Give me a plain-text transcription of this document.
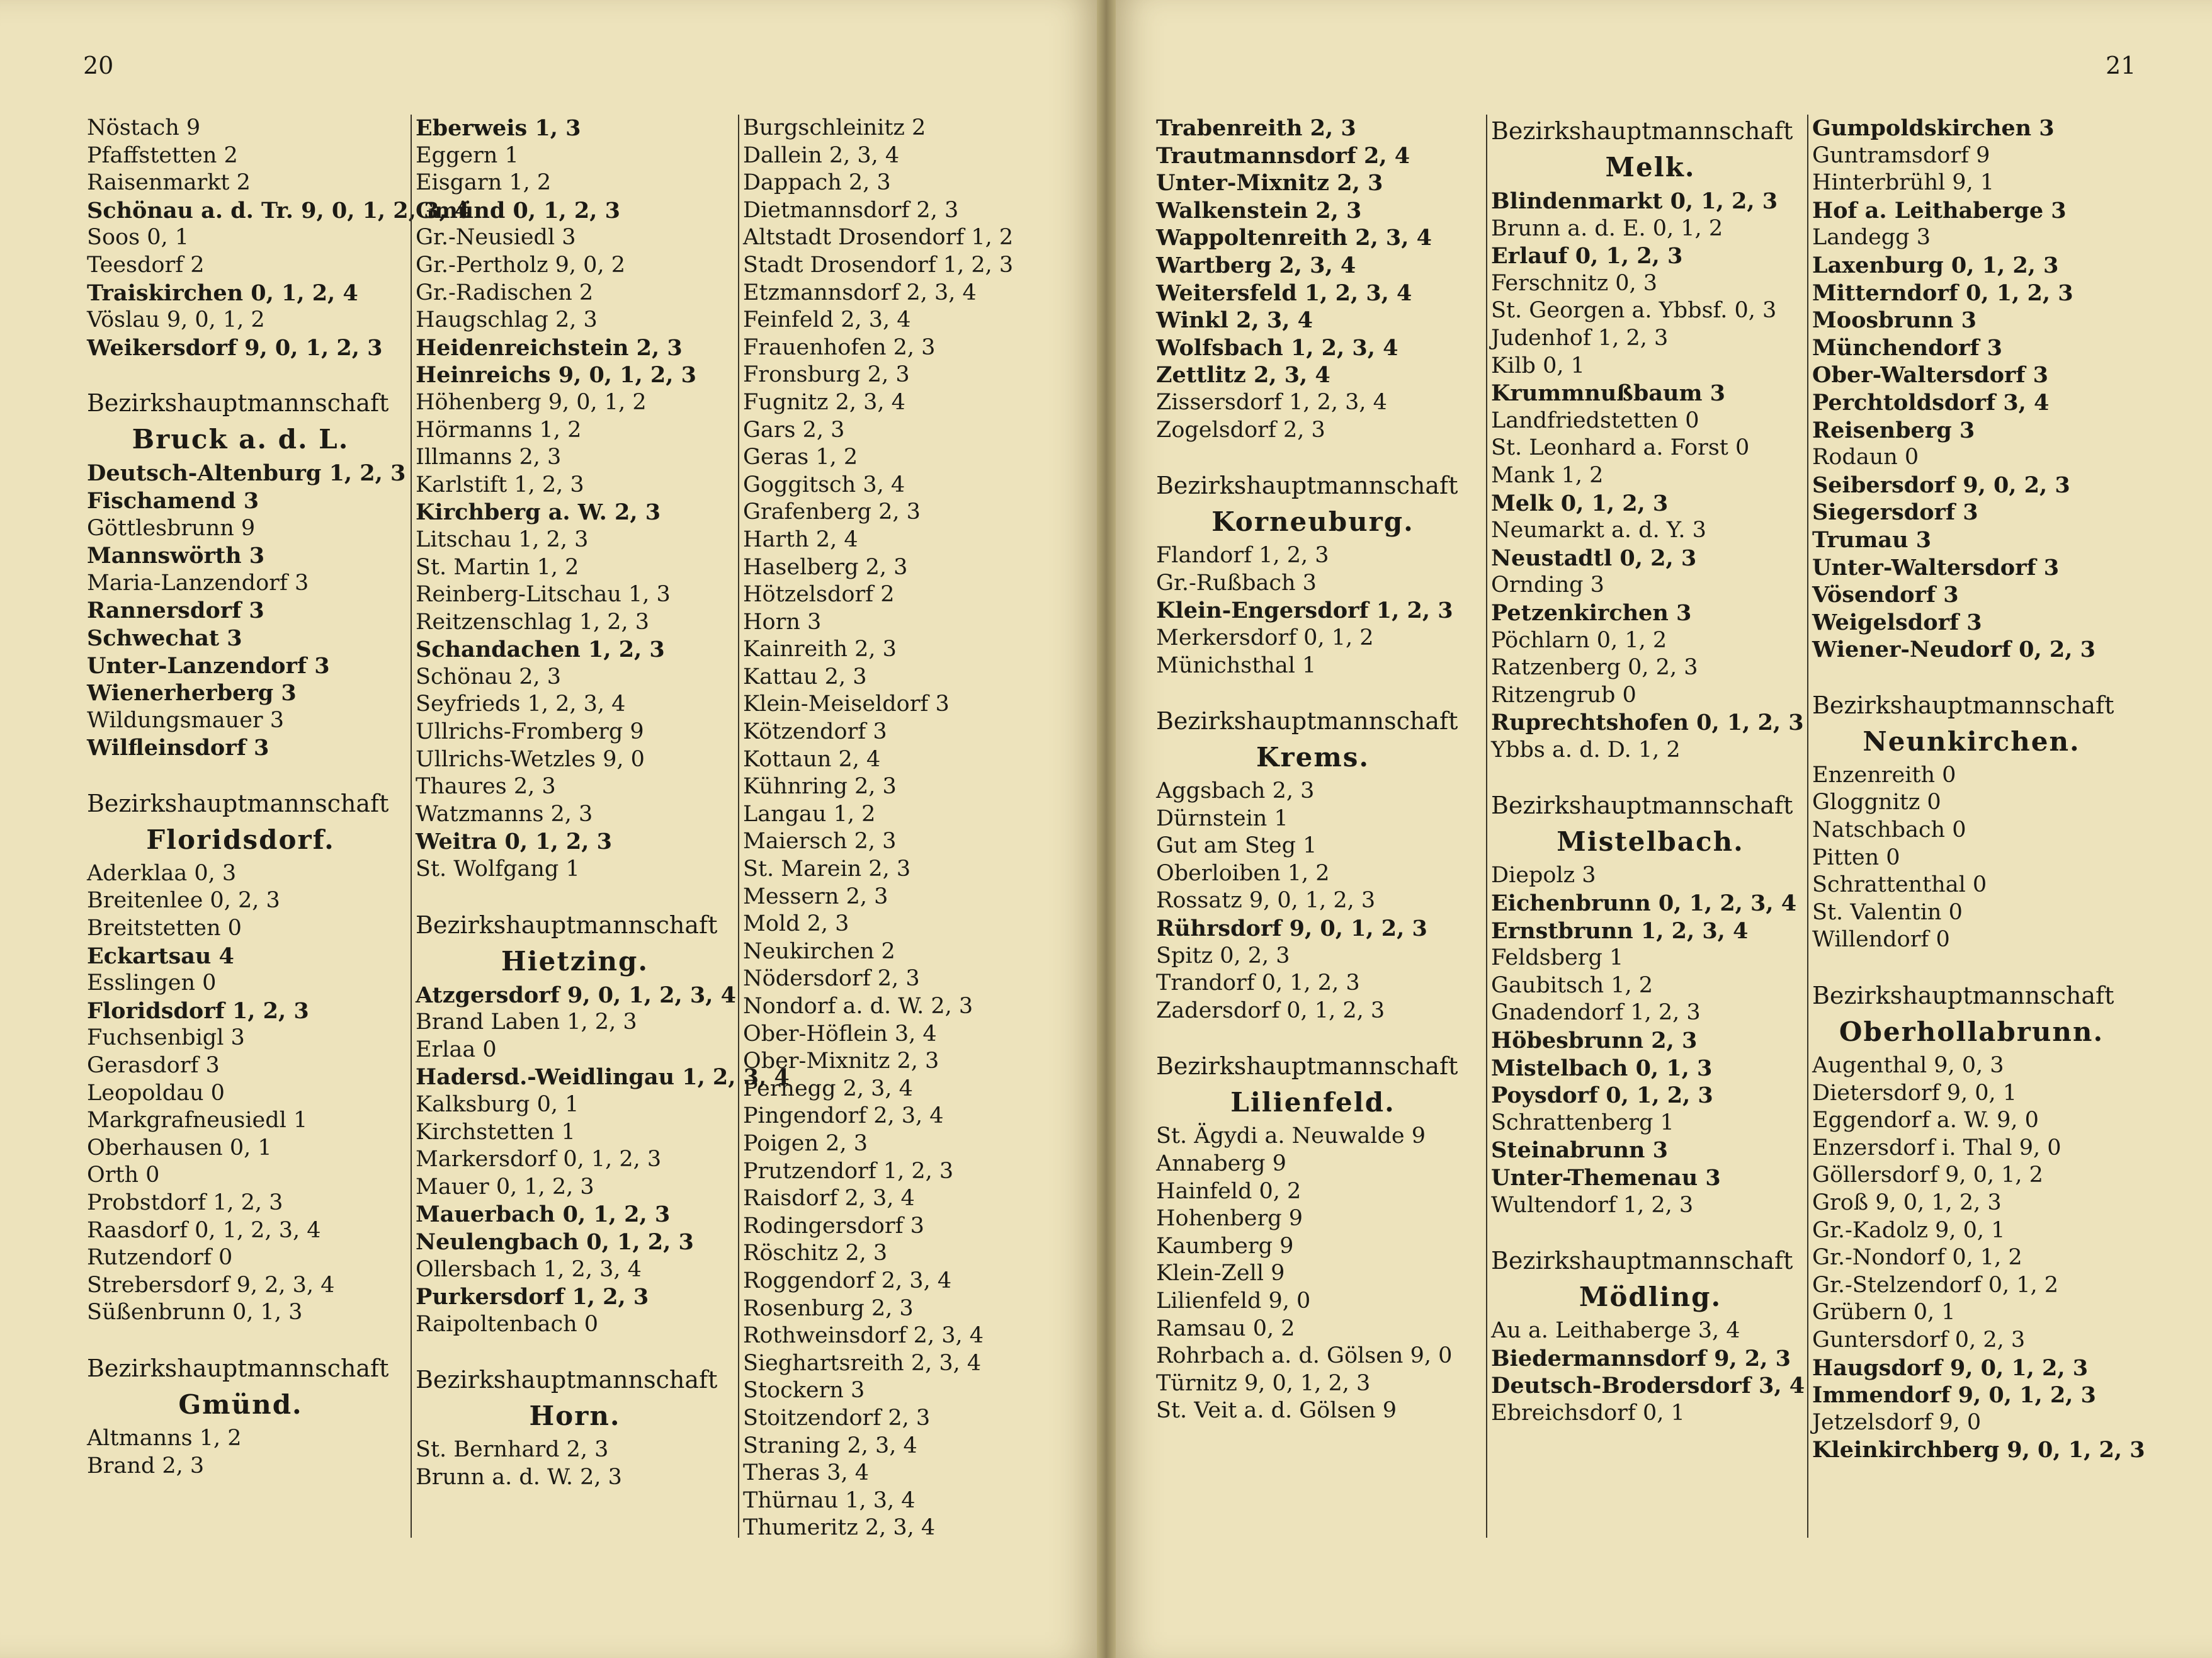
20
Nöstach 9
Pfaffstetten 2
Raisenmarkt 2
Schönau a. d. Tr. 9, 0, 1, 2, 3, 4
Soos 0, 1
Teesdorf 2
Traiskirchen 0, 1, 2, 4
Vöslau 9, 0, 1, 2
Weikersdorf 9, 0, 1, 2, 3
Bezirkshauptmannschaft
Bruck a. d. L.
Deutsch-Altenburg 1, 2, 3
Fischamend 3
Göttlesbrunn 9
Mannswörth 3
Maria-Lanzendorf 3
Rannersdorf 3
Schwechat 3
Unter-Lanzendorf 3
Wienerherberg 3
Wildungsmauer 3
Wilfleinsdorf 3
Bezirkshauptmannschaft
Floridsdorf.
Aderklaa 0, 3
Breitenlee 0, 2, 3
Breitstetten 0
Eckartsau 4
Esslingen 0
Floridsdorf 1, 2, 3
Fuchsenbigl 3
Gerasdorf 3
Leopoldau 0
Markgrafneusiedl 1
Oberhausen 0, 1
Orth 0
Probstdorf 1, 2, 3
Raasdorf 0, 1, 2, 3, 4
Rutzendorf 0
Strebersdorf 9, 2, 3, 4
Süßenbrunn 0, 1, 3
Bezirkshauptmannschaft
Gmünd.
Altmanns 1, 2
Brand 2, 3
Eberweis 1, 3
Eggern 1
Eisgarn 1, 2
Gmünd 0, 1, 2, 3
Gr.-Neusiedl 3
Gr.-Pertholz 9, 0, 2
Gr.-Radischen 2
Haugschlag 2, 3
Heidenreichstein 2, 3
Heinreichs 9, 0, 1, 2, 3
Höhenberg 9, 0, 1, 2
Hörmanns 1, 2
Illmanns 2, 3
Karlstift 1, 2, 3
Kirchberg a. W. 2, 3
Litschau 1, 2, 3
St. Martin 1, 2
Reinberg-Litschau 1, 3
Reitzenschlag 1, 2, 3
Schandachen 1, 2, 3
Schönau 2, 3
Seyfrieds 1, 2, 3, 4
Ullrichs-Fromberg 9
Ullrichs-Wetzles 9, 0
Thaures 2, 3
Watzmanns 2, 3
Weitra 0, 1, 2, 3
St. Wolfgang 1
Bezirkshauptmannschaft
Hietzing.
Atzgersdorf 9, 0, 1, 2, 3, 4
Brand Laben 1, 2, 3
Erlaa 0
Hadersd.-Weidlingau 1, 2, 3, 4
Kalksburg 0, 1
Kirchstetten 1
Markersdorf 0, 1, 2, 3
Mauer 0, 1, 2, 3
Mauerbach 0, 1, 2, 3
Neulengbach 0, 1, 2, 3
Ollersbach 1, 2, 3, 4
Purkersdorf 1, 2, 3
Raipoltenbach 0
Bezirkshauptmannschaft
Horn.
St. Bernhard 2, 3
Brunn a. d. W. 2, 3
Burgschleinitz 2
Dallein 2, 3, 4
Dappach 2, 3
Dietmannsdorf 2, 3
Altstadt Drosendorf 1, 2
Stadt Drosendorf 1, 2, 3
Etzmannsdorf 2, 3, 4
Feinfeld 2, 3, 4
Frauenhofen 2, 3
Fronsburg 2, 3
Fugnitz 2, 3, 4
Gars 2, 3
Geras 1, 2
Goggitsch 3, 4
Grafenberg 2, 3
Harth 2, 4
Haselberg 2, 3
Hötzelsdorf 2
Horn 3
Kainreith 2, 3
Kattau 2, 3
Klein-Meiseldorf 3
Kötzendorf 3
Kottaun 2, 4
Kühnring 2, 3
Langau 1, 2
Maiersch 2, 3
St. Marein 2, 3
Messern 2, 3
Mold 2, 3
Neukirchen 2
Nödersdorf 2, 3
Nondorf a. d. W. 2, 3
Ober-Höflein 3, 4
Ober-Mixnitz 2, 3
Pernegg 2, 3, 4
Pingendorf 2, 3, 4
Poigen 2, 3
Prutzendorf 1, 2, 3
Raisdorf 2, 3, 4
Rodingersdorf 3
Röschitz 2, 3
Roggendorf 2, 3, 4
Rosenburg 2, 3
Rothweinsdorf 2, 3, 4
Sieghartsreith 2, 3, 4
Stockern 3
Stoitzendorf 2, 3
Straning 2, 3, 4
Theras 3, 4
Thürnau 1, 3, 4
Thumeritz 2, 3, 4
21
Trabenreith 2, 3
Trautmannsdorf 2, 4
Unter-Mixnitz 2, 3
Walkenstein 2, 3
Wappoltenreith 2, 3, 4
Wartberg 2, 3, 4
Weitersfeld 1, 2, 3, 4
Winkl 2, 3, 4
Wolfsbach 1, 2, 3, 4
Zettlitz 2, 3, 4
Zissersdorf 1, 2, 3, 4
Zogelsdorf 2, 3
Bezirkshauptmannschaft
Korneuburg.
Flandorf 1, 2, 3
Gr.-Rußbach 3
Klein-Engersdorf 1, 2, 3
Merkersdorf 0, 1, 2
Münichsthal 1
Bezirkshauptmannschaft
Krems.
Aggsbach 2, 3
Dürnstein 1
Gut am Steg 1
Oberloiben 1, 2
Rossatz 9, 0, 1, 2, 3
Rührsdorf 9, 0, 1, 2, 3
Spitz 0, 2, 3
Trandorf 0, 1, 2, 3
Zadersdorf 0, 1, 2, 3
Bezirkshauptmannschaft
Lilienfeld.
St. Ägydi a. Neuwalde 9
Annaberg 9
Hainfeld 0, 2
Hohenberg 9
Kaumberg 9
Klein-Zell 9
Lilienfeld 9, 0
Ramsau 0, 2
Rohrbach a. d. Gölsen 9, 0
Türnitz 9, 0, 1, 2, 3
St. Veit a. d. Gölsen 9
Bezirkshauptmannschaft
Melk.
Blindenmarkt 0, 1, 2, 3
Brunn a. d. E. 0, 1, 2
Erlauf 0, 1, 2, 3
Ferschnitz 0, 3
St. Georgen a. Ybbsf. 0, 3
Judenhof 1, 2, 3
Kilb 0, 1
Krummnußbaum 3
Landfriedstetten 0
St. Leonhard a. Forst 0
Mank 1, 2
Melk 0, 1, 2, 3
Neumarkt a. d. Y. 3
Neustadtl 0, 2, 3
Ornding 3
Petzenkirchen 3
Pöchlarn 0, 1, 2
Ratzenberg 0, 2, 3
Ritzengrub 0
Ruprechtshofen 0, 1, 2, 3
Ybbs a. d. D. 1, 2
Bezirkshauptmannschaft
Mistelbach.
Diepolz 3
Eichenbrunn 0, 1, 2, 3, 4
Ernstbrunn 1, 2, 3, 4
Feldsberg 1
Gaubitsch 1, 2
Gnadendorf 1, 2, 3
Höbesbrunn 2, 3
Mistelbach 0, 1, 3
Poysdorf 0, 1, 2, 3
Schrattenberg 1
Steinabrunn 3
Unter-Themenau 3
Wultendorf 1, 2, 3
Bezirkshauptmannschaft
Mödling.
Au a. Leithaberge 3, 4
Biedermannsdorf 9, 2, 3
Deutsch-Brodersdorf 3, 4
Ebreichsdorf 0, 1
Gumpoldskirchen 3
Guntramsdorf 9
Hinterbrühl 9, 1
Hof a. Leithaberge 3
Landegg 3
Laxenburg 0, 1, 2, 3
Mitterndorf 0, 1, 2, 3
Moosbrunn 3
Münchendorf 3
Ober-Waltersdorf 3
Perchtoldsdorf 3, 4
Reisenberg 3
Rodaun 0
Seibersdorf 9, 0, 2, 3
Siegersdorf 3
Trumau 3
Unter-Waltersdorf 3
Vösendorf 3
Weigelsdorf 3
Wiener-Neudorf 0, 2, 3
Bezirkshauptmannschaft
Neunkirchen.
Enzenreith 0
Gloggnitz 0
Natschbach 0
Pitten 0
Schrattenthal 0
St. Valentin 0
Willendorf 0
Bezirkshauptmannschaft
Oberhollabrunn.
Augenthal 9, 0, 3
Dietersdorf 9, 0, 1
Eggendorf a. W. 9, 0
Enzersdorf i. Thal 9, 0
Göllersdorf 9, 0, 1, 2
Groß 9, 0, 1, 2, 3
Gr.-Kadolz 9, 0, 1
Gr.-Nondorf 0, 1, 2
Gr.-Stelzendorf 0, 1, 2
Grübern 0, 1
Guntersdorf 0, 2, 3
Haugsdorf 9, 0, 1, 2, 3
Immendorf 9, 0, 1, 2, 3
Jetzelsdorf 9, 0
Kleinkirchberg 9, 0, 1, 2, 3
